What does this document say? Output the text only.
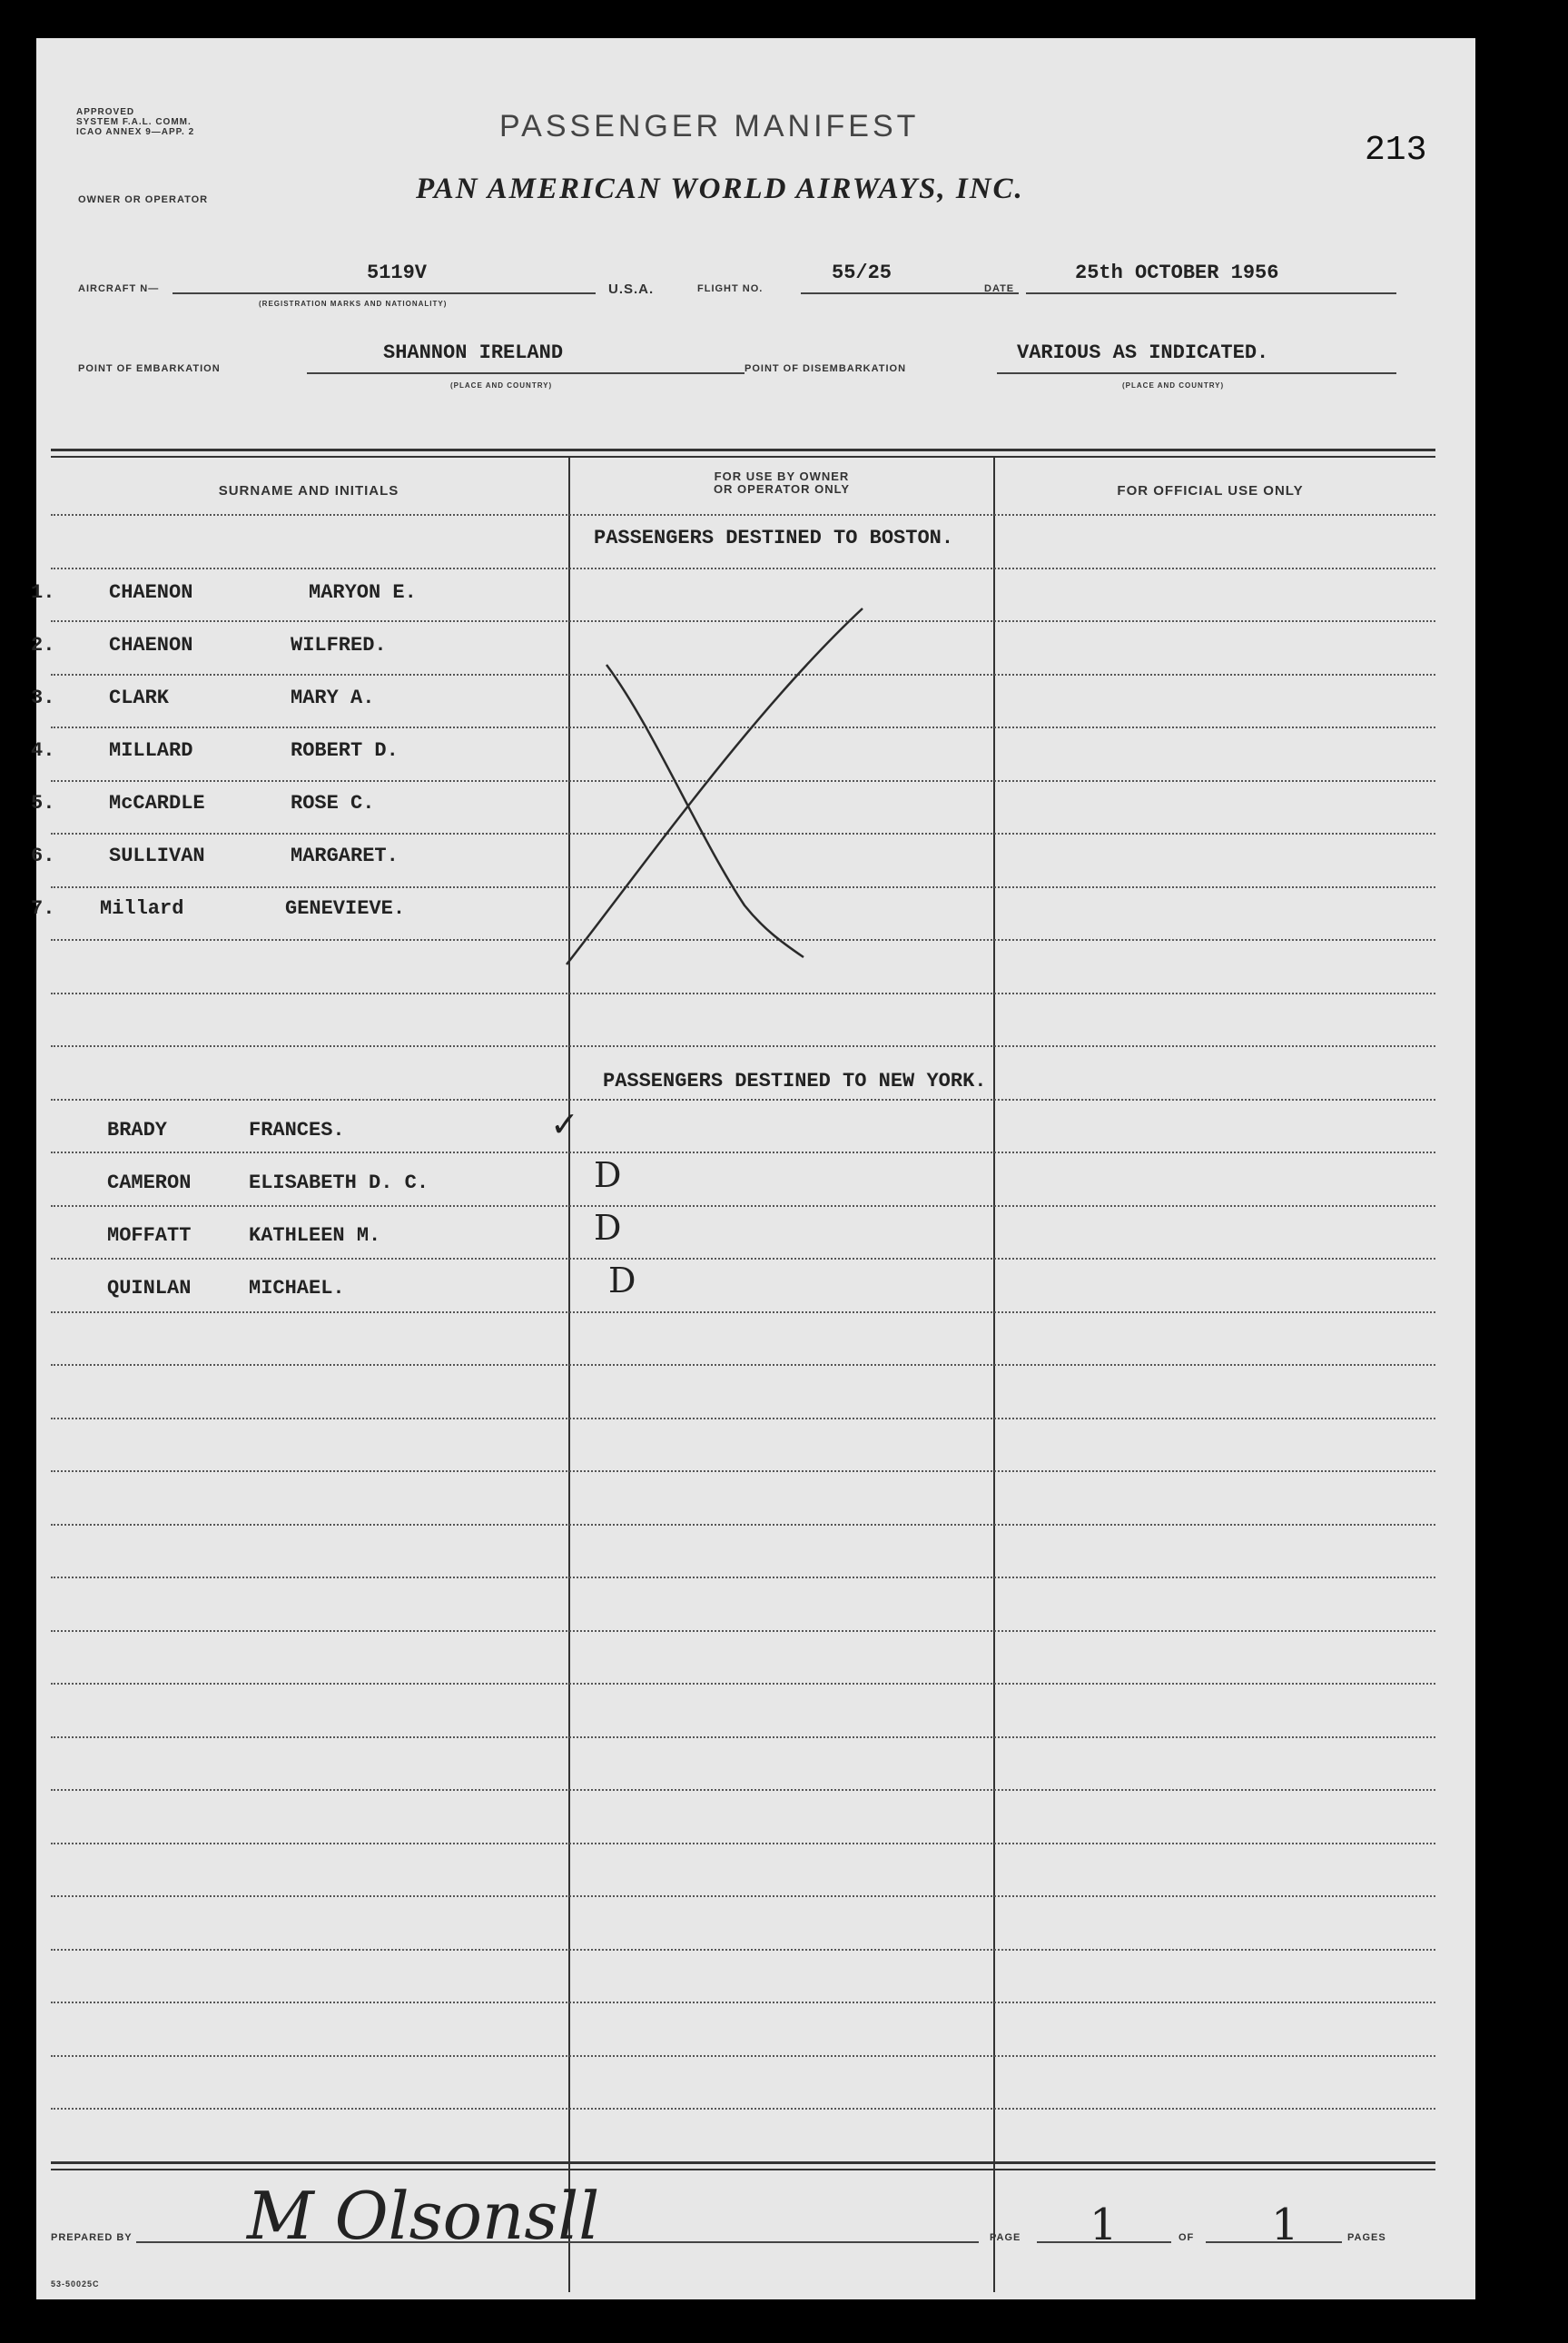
APPROVED
SYSTEM F.A.L. COMM.
ICAO ANNEX 9—APP. 2	PASSENGER MANIFEST
213
OWNER OR OPERATOR	PAN AMERICAN WORLD AIRWAYS, INC.
AIRCRAFT N—
5119V
(REGISTRATION MARKS AND NATIONALITY)
U.S.A.	FLIGHT NO.
55/25
DATE
25th OCTOBER 1956
POINT OF EMBARKATION
SHANNON IRELAND
(PLACE AND COUNTRY)
POINT OF DISEMBARKATION
VARIOUS AS INDICATED.
(PLACE AND COUNTRY)
SURNAME AND INITIALS
FOR USE BY OWNER
OR OPERATOR ONLY	FOR OFFICIAL USE ONLY
PASSENGERS DESTINED TO BOSTON.
1.	CHAENON	MARYON E.
2.	CHAENON	WILFRED.
3.	CLARK	MARY A.
4.	MILLARD	ROBERT D.
5.	McCARDLE	ROSE C.
6.	SULLIVAN	MARGARET.
7. Millard	GENEVIEVE.
PASSENGERS DESTINED TO NEW YORK.
BRADY	FRANCES.	✓
CAMERON	ELISABETH D. C.	D
MOFFATT	KATHLEEN M.	D
QUINLAN	MICHAEL.	D
PREPARED BY M Olsonsll	PAGE 1	OF 1	PAGES
53-50025C
